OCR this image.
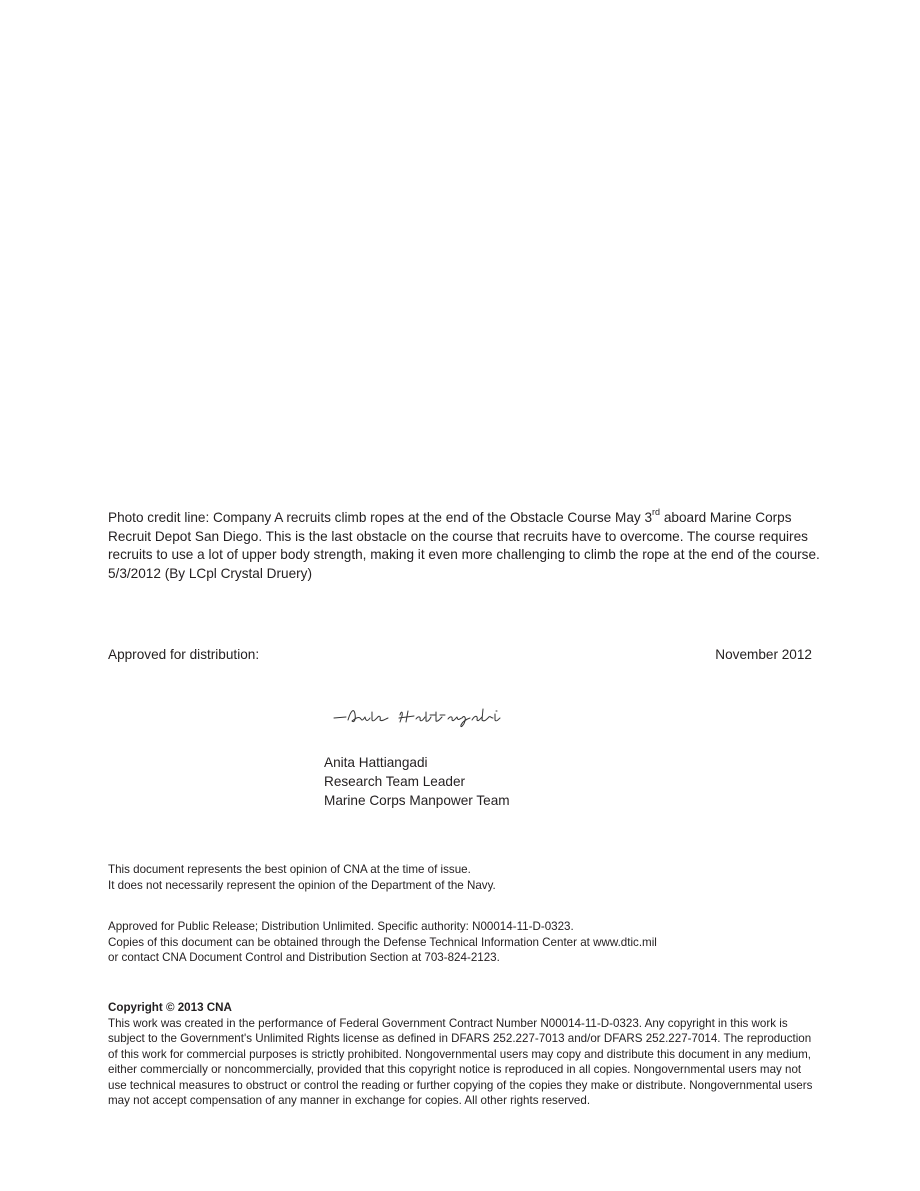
Photo credit line: Company A recruits climb ropes at the end of the Obstacle Course May 3rd aboard Marine Corps Recruit Depot San Diego. This is the last obstacle on the course that recruits have to overcome. The course requires recruits to use a lot of upper body strength, making it even more challenging to climb the rope at the end of the course. 5/3/2012 (By LCpl Crystal Druery)
Approved for distribution:	November 2012
Anita Hattiangadi
Research Team Leader
Marine Corps Manpower Team
This document represents the best opinion of CNA at the time of issue.
It does not necessarily represent the opinion of the Department of the Navy.
Approved for Public Release; Distribution Unlimited. Specific authority: N00014-11-D-0323.
Copies of this document can be obtained through the Defense Technical Information Center at www.dtic.mil
or contact CNA Document Control and Distribution Section at 703-824-2123.
Copyright © 2013 CNA
This work was created in the performance of Federal Government Contract Number N00014-11-D-0323. Any copyright in this work is subject to the Government's Unlimited Rights license as defined in DFARS 252.227-7013 and/or DFARS 252.227-7014. The reproduction of this work for commercial purposes is strictly prohibited. Nongovernmental users may copy and distribute this document in any medium, either commercially or noncommercially, provided that this copyright notice is reproduced in all copies. Nongovernmental users may not use technical measures to obstruct or control the reading or further copying of the copies they make or distribute. Nongovernmental users may not accept compensation of any manner in exchange for copies. All other rights reserved.
